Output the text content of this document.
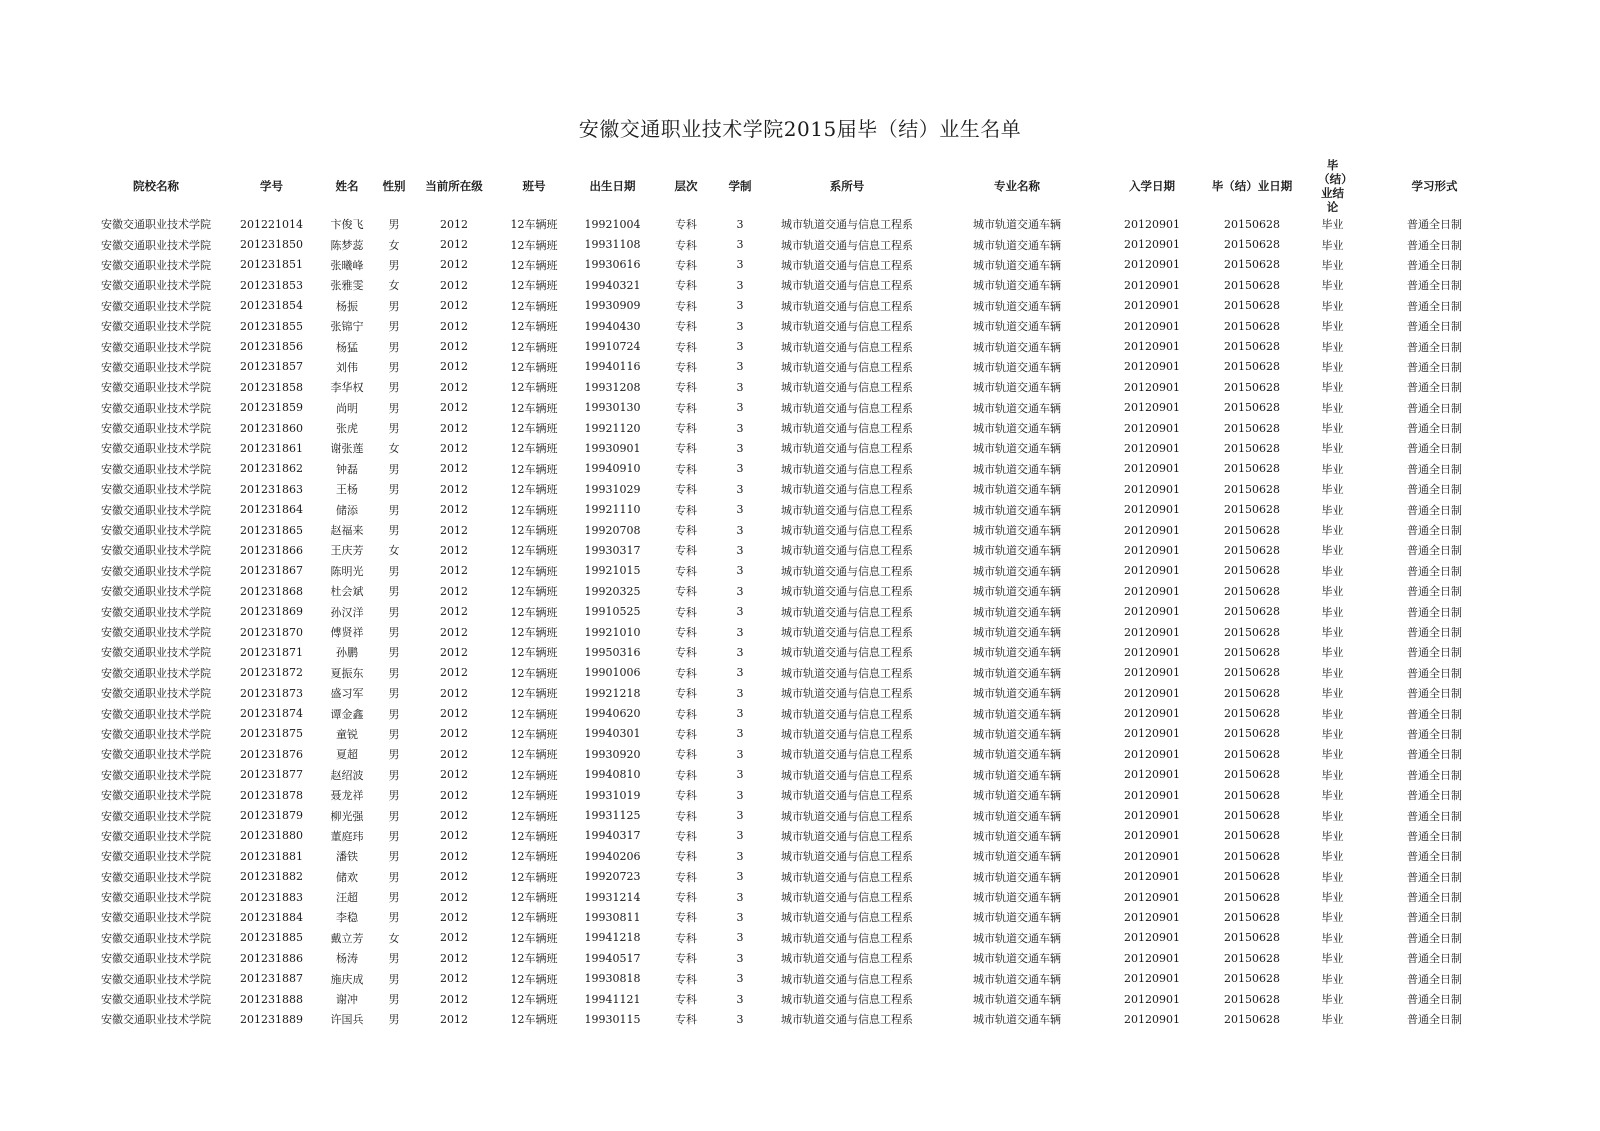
安徽交通职业技术学院2015届毕（结）业生名单
院校名称	学号	姓名	性别	当前所在级	班号	出生日期	层次	学制	系所号	专业名称	入学日期	毕（结）业日期	毕（结）业结论	学习形式
安徽交通职业技术学院	201221014	卞俊飞	男	2012	12车辆班	19921004	专科	3	城市轨道交通与信息工程系	城市轨道交通车辆	20120901	20150628	毕业	普通全日制
安徽交通职业技术学院	201231850	陈梦蕊	女	2012	12车辆班	19931108	专科	3	城市轨道交通与信息工程系	城市轨道交通车辆	20120901	20150628	毕业	普通全日制
安徽交通职业技术学院	201231851	张曦峰	男	2012	12车辆班	19930616	专科	3	城市轨道交通与信息工程系	城市轨道交通车辆	20120901	20150628	毕业	普通全日制
安徽交通职业技术学院	201231853	张雅雯	女	2012	12车辆班	19940321	专科	3	城市轨道交通与信息工程系	城市轨道交通车辆	20120901	20150628	毕业	普通全日制
安徽交通职业技术学院	201231854	杨振	男	2012	12车辆班	19930909	专科	3	城市轨道交通与信息工程系	城市轨道交通车辆	20120901	20150628	毕业	普通全日制
安徽交通职业技术学院	201231855	张锦宁	男	2012	12车辆班	19940430	专科	3	城市轨道交通与信息工程系	城市轨道交通车辆	20120901	20150628	毕业	普通全日制
安徽交通职业技术学院	201231856	杨猛	男	2012	12车辆班	19910724	专科	3	城市轨道交通与信息工程系	城市轨道交通车辆	20120901	20150628	毕业	普通全日制
安徽交通职业技术学院	201231857	刘伟	男	2012	12车辆班	19940116	专科	3	城市轨道交通与信息工程系	城市轨道交通车辆	20120901	20150628	毕业	普通全日制
安徽交通职业技术学院	201231858	李华权	男	2012	12车辆班	19931208	专科	3	城市轨道交通与信息工程系	城市轨道交通车辆	20120901	20150628	毕业	普通全日制
安徽交通职业技术学院	201231859	尚明	男	2012	12车辆班	19930130	专科	3	城市轨道交通与信息工程系	城市轨道交通车辆	20120901	20150628	毕业	普通全日制
安徽交通职业技术学院	201231860	张虎	男	2012	12车辆班	19921120	专科	3	城市轨道交通与信息工程系	城市轨道交通车辆	20120901	20150628	毕业	普通全日制
安徽交通职业技术学院	201231861	谢张莲	女	2012	12车辆班	19930901	专科	3	城市轨道交通与信息工程系	城市轨道交通车辆	20120901	20150628	毕业	普通全日制
安徽交通职业技术学院	201231862	钟磊	男	2012	12车辆班	19940910	专科	3	城市轨道交通与信息工程系	城市轨道交通车辆	20120901	20150628	毕业	普通全日制
安徽交通职业技术学院	201231863	王杨	男	2012	12车辆班	19931029	专科	3	城市轨道交通与信息工程系	城市轨道交通车辆	20120901	20150628	毕业	普通全日制
安徽交通职业技术学院	201231864	储添	男	2012	12车辆班	19921110	专科	3	城市轨道交通与信息工程系	城市轨道交通车辆	20120901	20150628	毕业	普通全日制
安徽交通职业技术学院	201231865	赵福来	男	2012	12车辆班	19920708	专科	3	城市轨道交通与信息工程系	城市轨道交通车辆	20120901	20150628	毕业	普通全日制
安徽交通职业技术学院	201231866	王庆芳	女	2012	12车辆班	19930317	专科	3	城市轨道交通与信息工程系	城市轨道交通车辆	20120901	20150628	毕业	普通全日制
安徽交通职业技术学院	201231867	陈明光	男	2012	12车辆班	19921015	专科	3	城市轨道交通与信息工程系	城市轨道交通车辆	20120901	20150628	毕业	普通全日制
安徽交通职业技术学院	201231868	杜会斌	男	2012	12车辆班	19920325	专科	3	城市轨道交通与信息工程系	城市轨道交通车辆	20120901	20150628	毕业	普通全日制
安徽交通职业技术学院	201231869	孙汉洋	男	2012	12车辆班	19910525	专科	3	城市轨道交通与信息工程系	城市轨道交通车辆	20120901	20150628	毕业	普通全日制
安徽交通职业技术学院	201231870	傅贤祥	男	2012	12车辆班	19921010	专科	3	城市轨道交通与信息工程系	城市轨道交通车辆	20120901	20150628	毕业	普通全日制
安徽交通职业技术学院	201231871	孙鹏	男	2012	12车辆班	19950316	专科	3	城市轨道交通与信息工程系	城市轨道交通车辆	20120901	20150628	毕业	普通全日制
安徽交通职业技术学院	201231872	夏振东	男	2012	12车辆班	19901006	专科	3	城市轨道交通与信息工程系	城市轨道交通车辆	20120901	20150628	毕业	普通全日制
安徽交通职业技术学院	201231873	盛习军	男	2012	12车辆班	19921218	专科	3	城市轨道交通与信息工程系	城市轨道交通车辆	20120901	20150628	毕业	普通全日制
安徽交通职业技术学院	201231874	谭金鑫	男	2012	12车辆班	19940620	专科	3	城市轨道交通与信息工程系	城市轨道交通车辆	20120901	20150628	毕业	普通全日制
安徽交通职业技术学院	201231875	童锐	男	2012	12车辆班	19940301	专科	3	城市轨道交通与信息工程系	城市轨道交通车辆	20120901	20150628	毕业	普通全日制
安徽交通职业技术学院	201231876	夏超	男	2012	12车辆班	19930920	专科	3	城市轨道交通与信息工程系	城市轨道交通车辆	20120901	20150628	毕业	普通全日制
安徽交通职业技术学院	201231877	赵绍波	男	2012	12车辆班	19940810	专科	3	城市轨道交通与信息工程系	城市轨道交通车辆	20120901	20150628	毕业	普通全日制
安徽交通职业技术学院	201231878	聂龙祥	男	2012	12车辆班	19931019	专科	3	城市轨道交通与信息工程系	城市轨道交通车辆	20120901	20150628	毕业	普通全日制
安徽交通职业技术学院	201231879	柳光强	男	2012	12车辆班	19931125	专科	3	城市轨道交通与信息工程系	城市轨道交通车辆	20120901	20150628	毕业	普通全日制
安徽交通职业技术学院	201231880	董庭玮	男	2012	12车辆班	19940317	专科	3	城市轨道交通与信息工程系	城市轨道交通车辆	20120901	20150628	毕业	普通全日制
安徽交通职业技术学院	201231881	潘铁	男	2012	12车辆班	19940206	专科	3	城市轨道交通与信息工程系	城市轨道交通车辆	20120901	20150628	毕业	普通全日制
安徽交通职业技术学院	201231882	储欢	男	2012	12车辆班	19920723	专科	3	城市轨道交通与信息工程系	城市轨道交通车辆	20120901	20150628	毕业	普通全日制
安徽交通职业技术学院	201231883	汪超	男	2012	12车辆班	19931214	专科	3	城市轨道交通与信息工程系	城市轨道交通车辆	20120901	20150628	毕业	普通全日制
安徽交通职业技术学院	201231884	李稳	男	2012	12车辆班	19930811	专科	3	城市轨道交通与信息工程系	城市轨道交通车辆	20120901	20150628	毕业	普通全日制
安徽交通职业技术学院	201231885	戴立芳	女	2012	12车辆班	19941218	专科	3	城市轨道交通与信息工程系	城市轨道交通车辆	20120901	20150628	毕业	普通全日制
安徽交通职业技术学院	201231886	杨涛	男	2012	12车辆班	19940517	专科	3	城市轨道交通与信息工程系	城市轨道交通车辆	20120901	20150628	毕业	普通全日制
安徽交通职业技术学院	201231887	施庆成	男	2012	12车辆班	19930818	专科	3	城市轨道交通与信息工程系	城市轨道交通车辆	20120901	20150628	毕业	普通全日制
安徽交通职业技术学院	201231888	谢冲	男	2012	12车辆班	19941121	专科	3	城市轨道交通与信息工程系	城市轨道交通车辆	20120901	20150628	毕业	普通全日制
安徽交通职业技术学院	201231889	许国兵	男	2012	12车辆班	19930115	专科	3	城市轨道交通与信息工程系	城市轨道交通车辆	20120901	20150628	毕业	普通全日制
